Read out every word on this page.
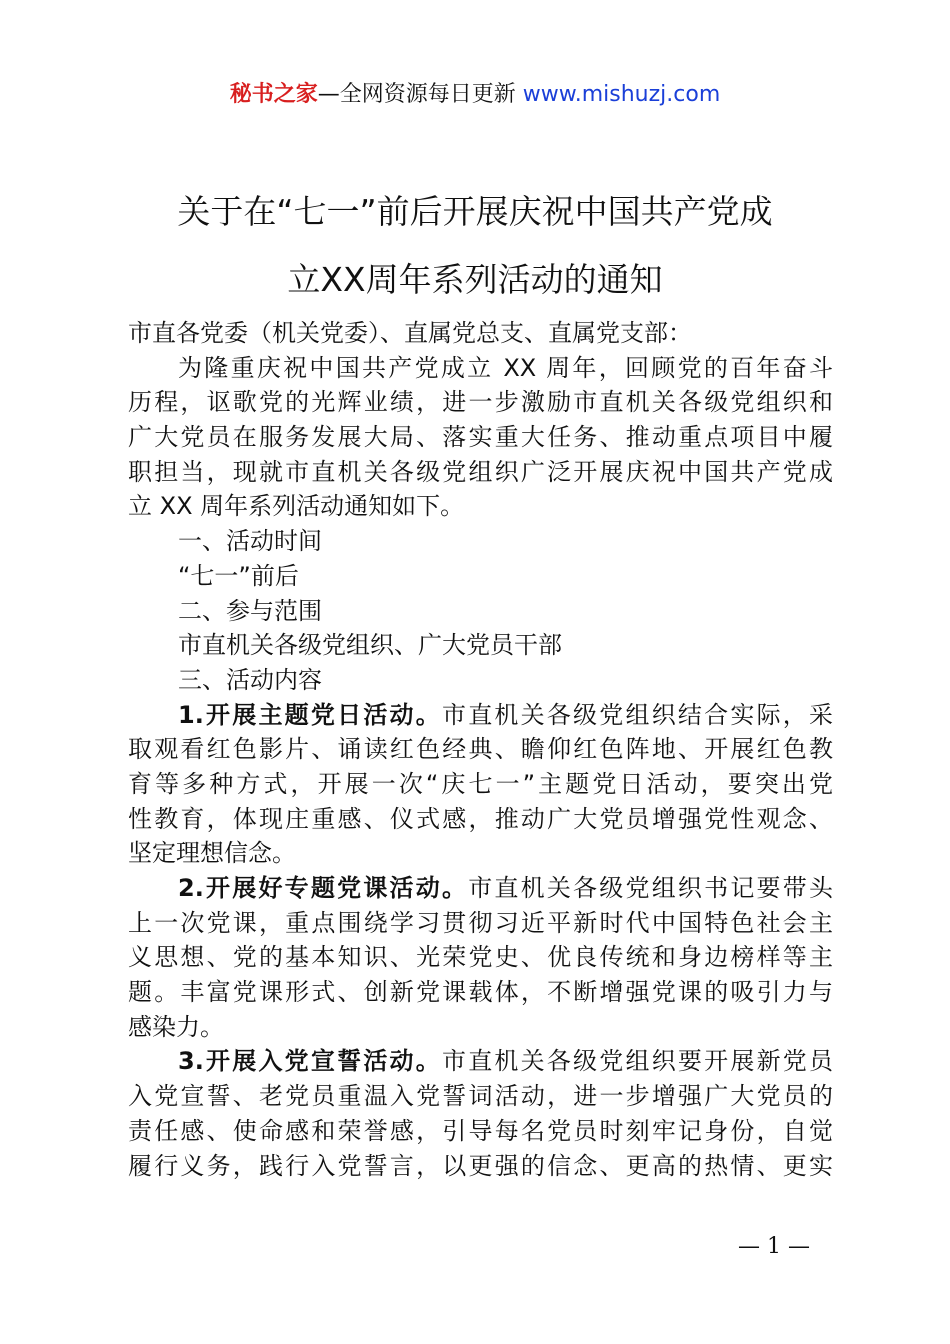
秘书之家—全网资源每日更新 www.mishuzj.com
关于在“七一”前后开展庆祝中国共产党成
立XX周年系列活动的通知
市直各党委（机关党委）、直属党总支、直属党支部：
为隆重庆祝中国共产党成立 XX 周年，回顾党的百年奋斗
历程，讴歌党的光辉业绩，进一步激励市直机关各级党组织和
广大党员在服务发展大局、落实重大任务、推动重点项目中履
职担当，现就市直机关各级党组织广泛开展庆祝中国共产党成
立 XX 周年系列活动通知如下。
一、活动时间
“七一”前后
二、参与范围
市直机关各级党组织、广大党员干部
三、活动内容
1.开展主题党日活动。市直机关各级党组织结合实际，采
取观看红色影片、诵读红色经典、瞻仰红色阵地、开展红色教
育等多种方式，开展一次“庆七一”主题党日活动，要突出党
性教育，体现庄重感、仪式感，推动广大党员增强党性观念、
坚定理想信念。
2.开展好专题党课活动。市直机关各级党组织书记要带头
上一次党课，重点围绕学习贯彻习近平新时代中国特色社会主
义思想、党的基本知识、光荣党史、优良传统和身边榜样等主
题。丰富党课形式、创新党课载体，不断增强党课的吸引力与
感染力。
3.开展入党宣誓活动。市直机关各级党组织要开展新党员
入党宣誓、老党员重温入党誓词活动，进一步增强广大党员的
责任感、使命感和荣誉感，引导每名党员时刻牢记身份，自觉
履行义务，践行入党誓言，以更强的信念、更高的热情、更实
— 1 —
